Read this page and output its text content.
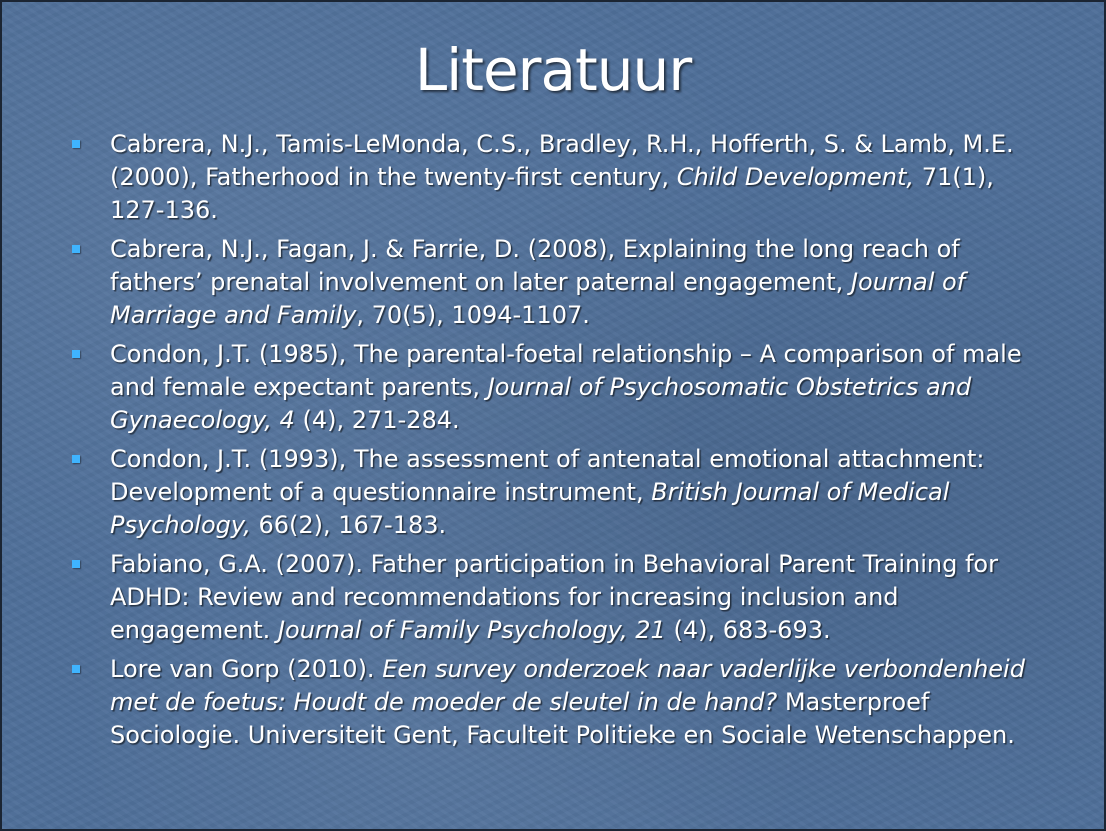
Literatuur
Cabrera, N.J., Tamis-LeMonda, C.S., Bradley, R.H., Hofferth, S. & Lamb, M.E. (2000), Fatherhood in the twenty-first century, Child Development, 71(1), 127-136.
Cabrera, N.J., Fagan, J. & Farrie, D. (2008), Explaining the long reach of fathers’ prenatal involvement on later paternal engagement, Journal of Marriage and Family, 70(5), 1094-1107.
Condon, J.T. (1985), The parental-foetal relationship – A comparison of male and female expectant parents, Journal of Psychosomatic Obstetrics and Gynaecology, 4 (4), 271-284.
Condon, J.T. (1993), The assessment of antenatal emotional attachment: Development of a questionnaire instrument, British Journal of Medical Psychology, 66(2), 167-183.
Fabiano, G.A. (2007). Father participation in Behavioral Parent Training for ADHD: Review and recommendations for increasing inclusion and engagement. Journal of Family Psychology, 21 (4), 683-693.
Lore van Gorp (2010). Een survey onderzoek naar vaderlijke verbondenheid met de foetus: Houdt de moeder de sleutel in de hand? Masterproef Sociologie. Universiteit Gent, Faculteit Politieke en Sociale Wetenschappen.
